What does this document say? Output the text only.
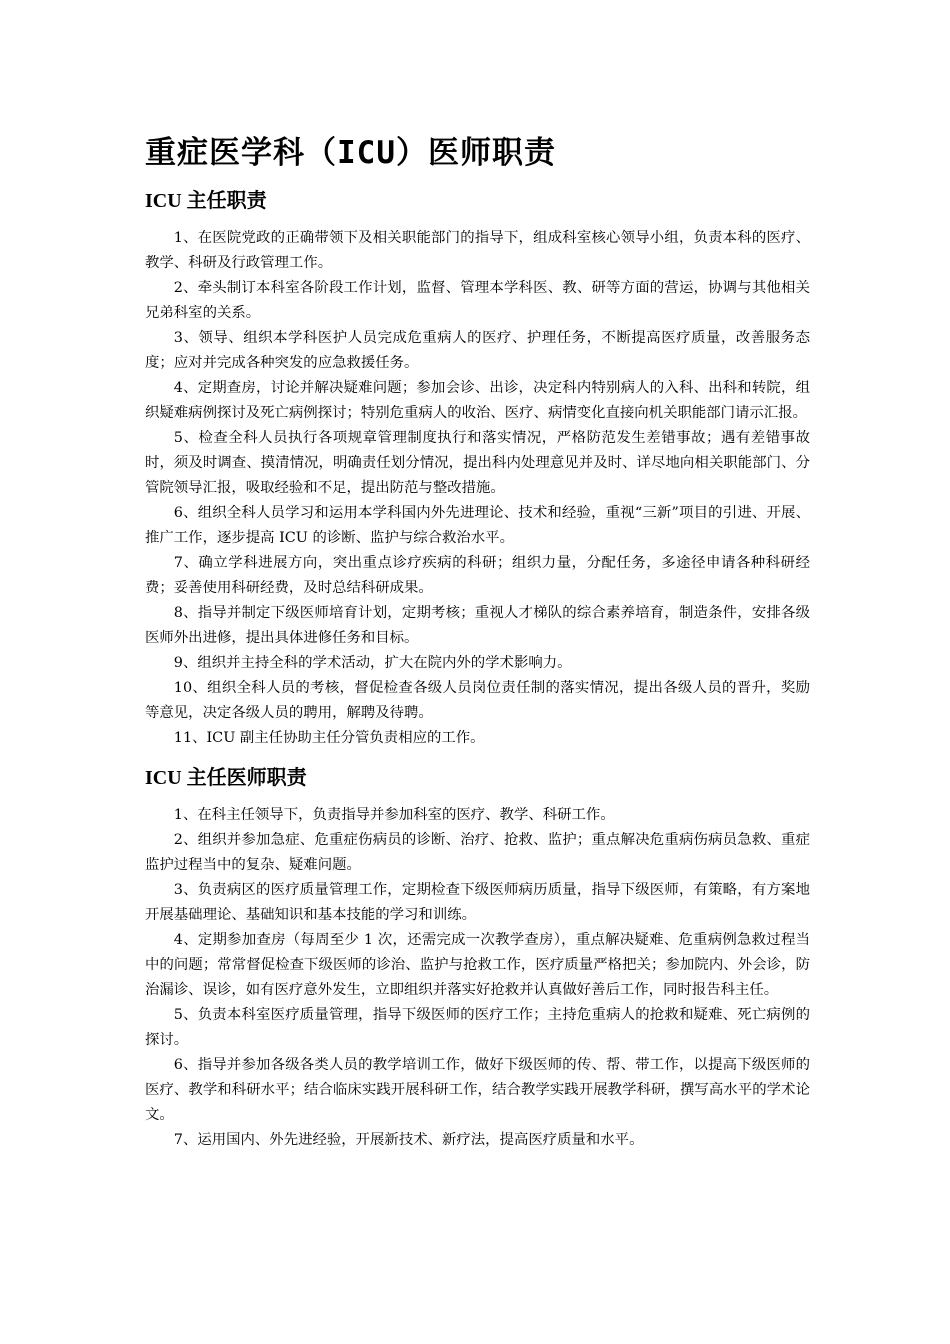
重症医学科（ICU）医师职责
ICU 主任职责

1、在医院党政的正确带领下及相关职能部门的指导下，组成科室核心领导小组，负责本科的医疗、教学、科研及行政管理工作。

2、牵头制订本科室各阶段工作计划，监督、管理本学科医、教、研等方面的营运，协调与其他相关兄弟科室的关系。

3、领导、组织本学科医护人员完成危重病人的医疗、护理任务，不断提高医疗质量，改善服务态度；应对并完成各种突发的应急救援任务。

4、定期查房，讨论并解决疑难问题；参加会诊、出诊，决定科内特别病人的入科、出科和转院，组织疑难病例探讨及死亡病例探讨；特别危重病人的收治、医疗、病情变化直接向机关职能部门请示汇报。

5、检查全科人员执行各项规章管理制度执行和落实情况，严格防范发生差错事故；遇有差错事故时，须及时调查、摸清情况，明确责任划分情况，提出科内处理意见并及时、详尽地向相关职能部门、分管院领导汇报，吸取经验和不足，提出防范与整改措施。

6、组织全科人员学习和运用本学科国内外先进理论、技术和经验，重视“三新”项目的引进、开展、推广工作，逐步提高 ICU 的诊断、监护与综合救治水平。

7、确立学科进展方向，突出重点诊疗疾病的科研；组织力量，分配任务，多途径申请各种科研经费；妥善使用科研经费，及时总结科研成果。

8、指导并制定下级医师培育计划，定期考核；重视人才梯队的综合素养培育，制造条件，安排各级医师外出进修，提出具体进修任务和目标。

9、组织并主持全科的学术活动，扩大在院内外的学术影响力。

10、组织全科人员的考核，督促检查各级人员岗位责任制的落实情况，提出各级人员的晋升，奖励等意见，决定各级人员的聘用，解聘及待聘。

11、ICU 副主任协助主任分管负责相应的工作。

ICU 主任医师职责

1、在科主任领导下，负责指导并参加科室的医疗、教学、科研工作。

2、组织并参加急症、危重症伤病员的诊断、治疗、抢救、监护；重点解决危重病伤病员急救、重症监护过程当中的复杂、疑难问题。

3、负责病区的医疗质量管理工作，定期检查下级医师病历质量，指导下级医师，有策略，有方案地开展基础理论、基础知识和基本技能的学习和训练。

4、定期参加查房（每周至少 1 次，还需完成一次教学查房），重点解决疑难、危重病例急救过程当中的问题；常常督促检查下级医师的诊治、监护与抢救工作，医疗质量严格把关；参加院内、外会诊，防治漏诊、误诊，如有医疗意外发生，立即组织并落实好抢救并认真做好善后工作，同时报告科主任。

5、负责本科室医疗质量管理，指导下级医师的医疗工作；主持危重病人的抢救和疑难、死亡病例的探讨。

6、指导并参加各级各类人员的教学培训工作，做好下级医师的传、帮、带工作，以提高下级医师的医疗、教学和科研水平；结合临床实践开展科研工作，结合教学实践开展教学科研，撰写高水平的学术论文。

7、运用国内、外先进经验，开展新技术、新疗法，提高医疗质量和水平。
